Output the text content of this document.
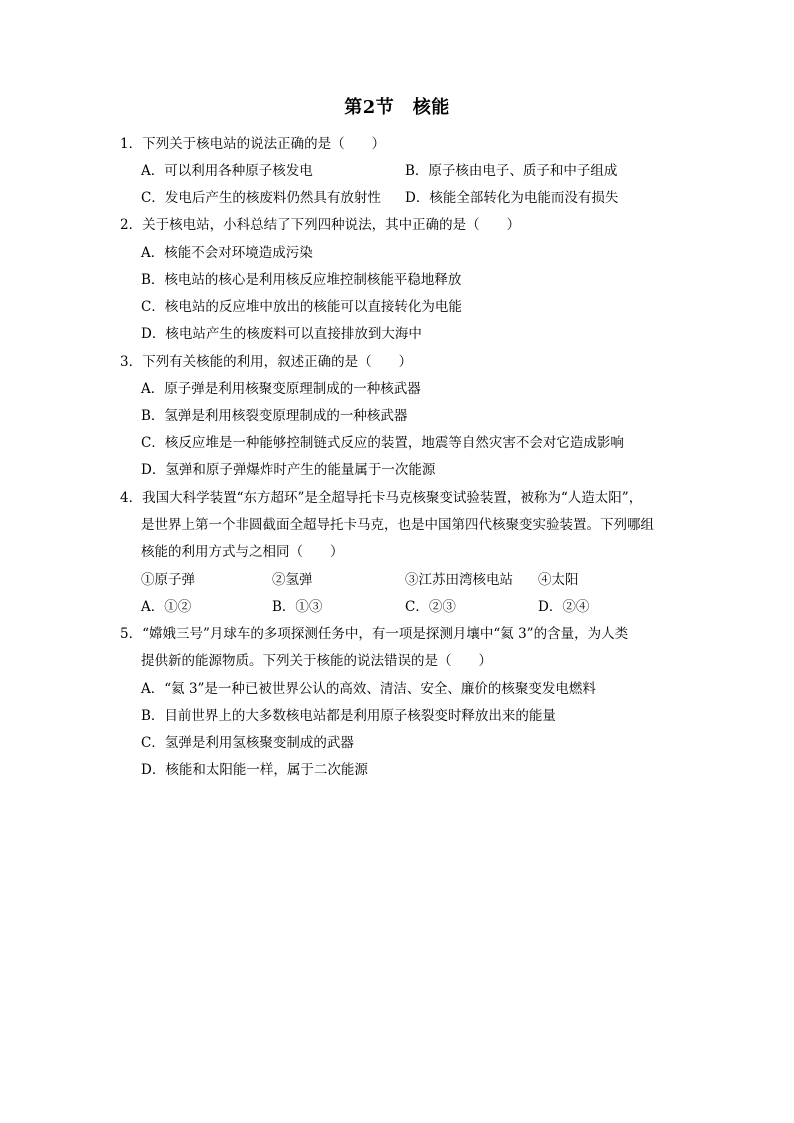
第2节　核能
1．下列关于核电站的说法正确的是（　　）
A．可以利用各种原子核发电	B．原子核由电子、质子和中子组成
C．发电后产生的核废料仍然具有放射性 D．核能全部转化为电能而没有损失
2．关于核电站，小科总结了下列四种说法，其中正确的是（　　）
A．核能不会对环境造成污染
B．核电站的核心是利用核反应堆控制核能平稳地释放
C．核电站的反应堆中放出的核能可以直接转化为电能
D．核电站产生的核废料可以直接排放到大海中
3．下列有关核能的利用，叙述正确的是（　　）
A．原子弹是利用核聚变原理制成的一种核武器
B．氢弹是利用核裂变原理制成的一种核武器
C．核反应堆是一种能够控制链式反应的装置，地震等自然灾害不会对它造成影响
D．氢弹和原子弹爆炸时产生的能量属于一次能源
4．我国大科学装置“东方超环”是全超导托卡马克核聚变试验装置，被称为“人造太阳”，
是世界上第一个非圆截面全超导托卡马克，也是中国第四代核聚变实验装置。下列哪组
核能的利用方式与之相同（　　）
①原子弹	②氢弹	③江苏田湾核电站 ④太阳
A．①②	B．①③	C．②③	D．②④
5．“嫦娥三号”月球车的多项探测任务中，有一项是探测月壤中“氦 3”的含量，为人类
提供新的能源物质。下列关于核能的说法错误的是（　　）
A．“氦 3”是一种已被世界公认的高效、清洁、安全、廉价的核聚变发电燃料
B．目前世界上的大多数核电站都是利用原子核裂变时释放出来的能量
C．氢弹是利用氢核聚变制成的武器
D．核能和太阳能一样，属于二次能源
